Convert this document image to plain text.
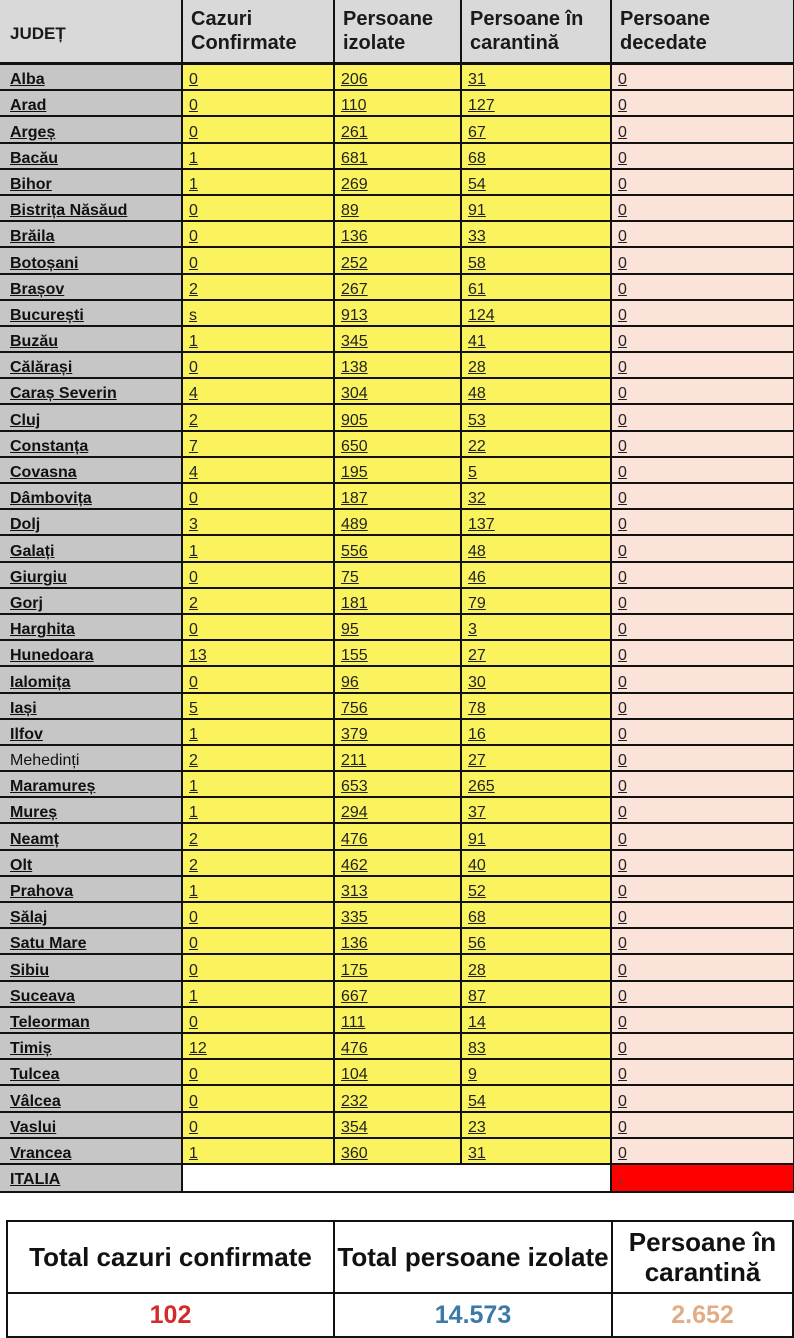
JUDEȚ	Cazuri Confirmate	Persoane izolate	Persoane în carantină	Persoane decedate
Alba	0	206	31	0
Arad	0	110	127	0
Argeș	0	261	67	0
Bacău	1	681	68	0
Bihor	1	269	54	0
Bistrița Năsăud	0	89	91	0
Brăila	0	136	33	0
Botoșani	0	252	58	0
Brașov	2	267	61	0
București	s	913	124	0
Buzău	1	345	41	0
Călărași	0	138	28	0
Caraș Severin	4	304	48	0
Cluj	2	905	53	0
Constanța	7	650	22	0
Covasna	4	195	5	0
Dâmbovița	0	187	32	0
Dolj	3	489	137	0
Galați	1	556	48	0
Giurgiu	0	75	46	0
Gorj	2	181	79	0
Harghita	0	95	3	0
Hunedoara	13	155	27	0
Ialomița	0	96	30	0
Iași	5	756	78	0
Ilfov	1	379	16	0
Mehedinți	2	211	27	0
Maramureș	1	653	265	0
Mureș	1	294	37	0
Neamț	2	476	91	0
Olt	2	462	40	0
Prahova	1	313	52	0
Sălaj	0	335	68	0
Satu Mare	0	136	56	0
Sibiu	0	175	28	0
Suceava	1	667	87	0
Teleorman	0	111	14	0
Timiș	12	476	83	0
Tulcea	0	104	9	0
Vâlcea	0	232	54	0
Vaslui	0	354	23	0
Vrancea	1	360	31	0
ITALIA				1
Total cazuri confirmate	Total persoane izolate	Persoane în carantină
102	14.573	2.652
